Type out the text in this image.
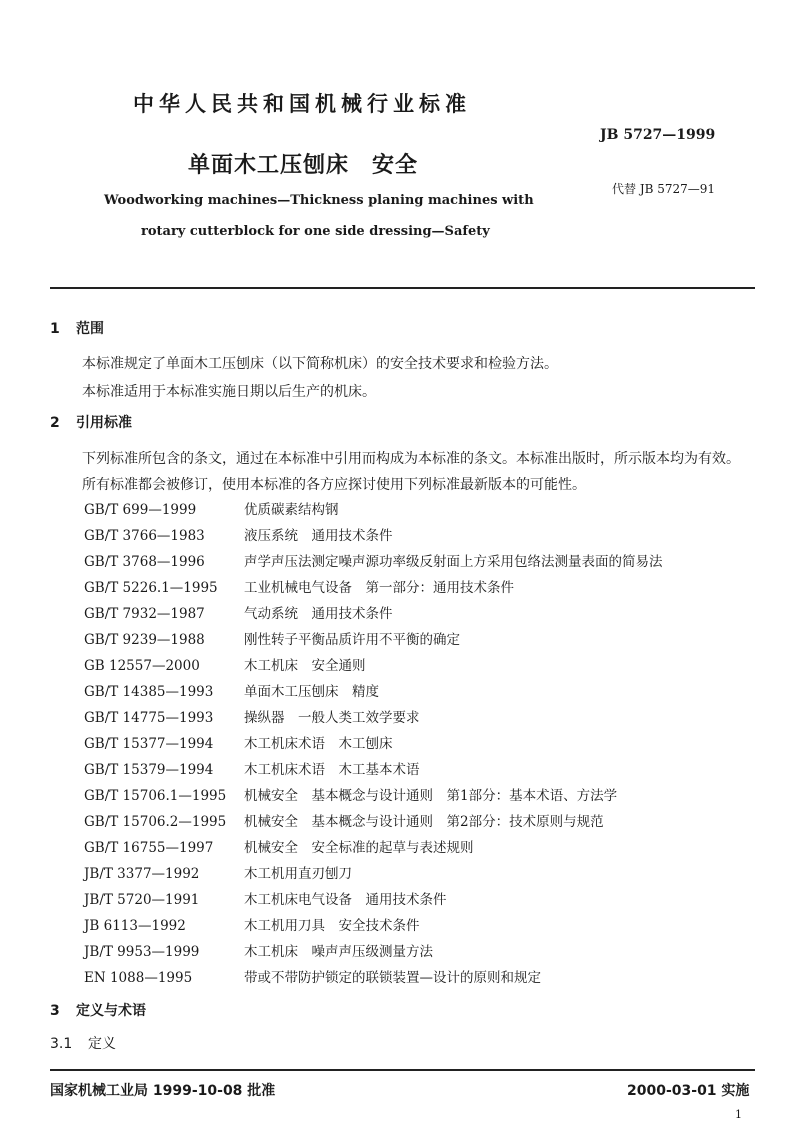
中华人民共和国机械行业标准
JB 5727—1999
单面木工压刨床　安全
代替 JB 5727—91
Woodworking machines—Thickness planing machines with
rotary cutterblock for one side dressing—Safety
1 范围
本标准规定了单面木工压刨床（以下简称机床）的安全技术要求和检验方法。
本标准适用于本标准实施日期以后生产的机床。
2 引用标准
下列标准所包含的条文，通过在本标准中引用而构成为本标准的条文。本标准出版时，所示版本均为有效。所有标准都会被修订，使用本标准的各方应探讨使用下列标准最新版本的可能性。
GB/T 699—1999	优质碳素结构钢
GB/T 3766—1983	液压系统　通用技术条件
GB/T 3768—1996	声学声压法测定噪声源功率级反射面上方采用包络法测量表面的简易法
GB/T 5226.1—1995 工业机械电气设备　第一部分：通用技术条件
GB/T 7932—1987	气动系统　通用技术条件
GB/T 9239—1988	刚性转子平衡品质许用不平衡的确定
GB 12557—2000	木工机床　安全通则
GB/T 14385—1993 单面木工压刨床　精度
GB/T 14775—1993 操纵器　一般人类工效学要求
GB/T 15377—1994 木工机床术语　木工刨床
GB/T 15379—1994 木工机床术语　木工基本术语
GB/T 15706.1—1995 机械安全　基本概念与设计通则　第1部分：基本术语、方法学
GB/T 15706.2—1995 机械安全　基本概念与设计通则　第2部分：技术原则与规范
GB/T 16755—1997 机械安全　安全标准的起草与表述规则
JB/T 3377—1992	木工机用直刃刨刀
JB/T 5720—1991	木工机床电气设备　通用技术条件
JB 6113—1992	木工机用刀具　安全技术条件
JB/T 9953—1999	木工机床　噪声声压级测量方法
EN 1088—1995	带或不带防护锁定的联锁装置—设计的原则和规定
3 定义与术语
3.1 定义
国家机械工业局 1999-10-08 批准	2000-03-01 实施
1
